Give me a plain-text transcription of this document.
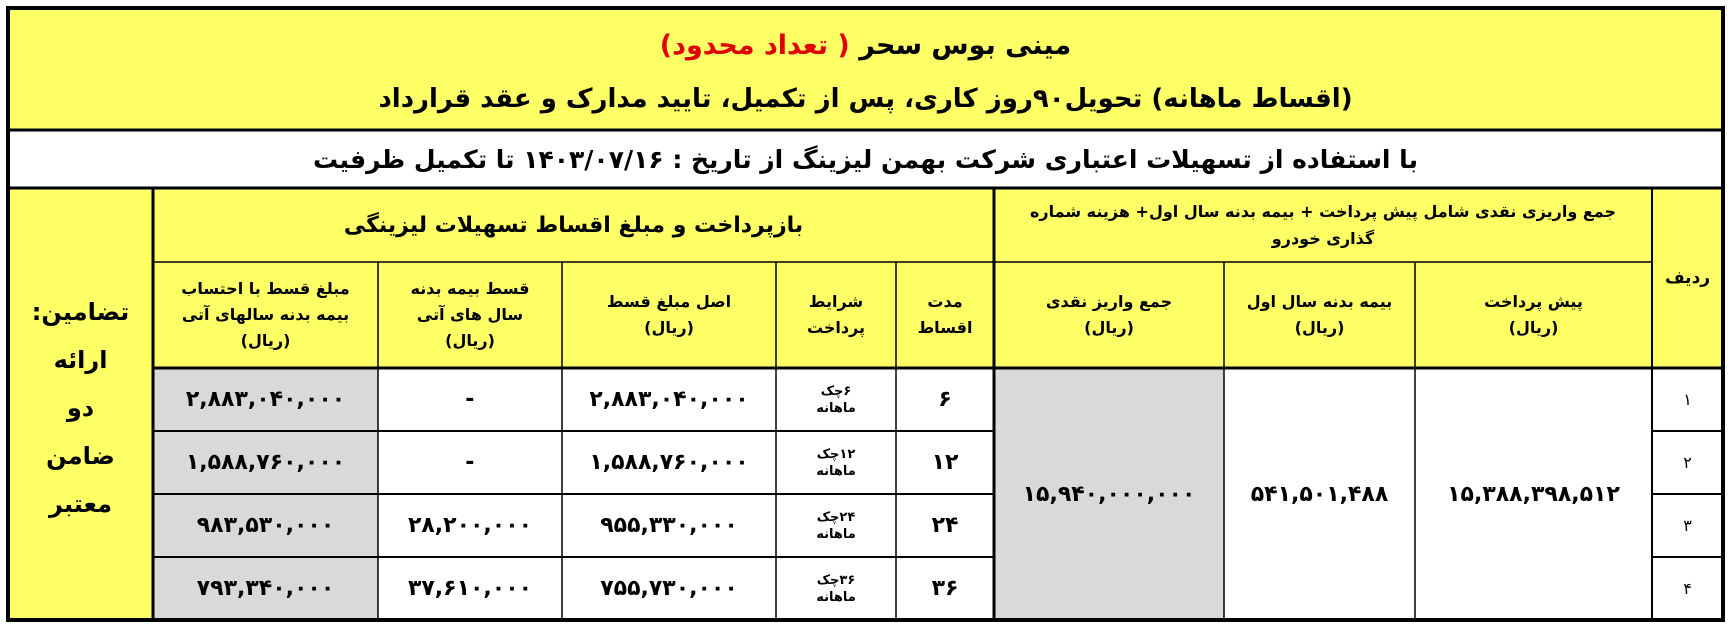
مینی بوس سحر

( تعداد محدود)
(اقساط ماهانه) تحویل۹۰روز کاری، پس از تکمیل، تایید مدارک و عقد قرارداد
با استفاده از تسهیلات اعتباری شرکت بهمن لیزینگ از تاریخ : ۱۴۰۳/۰۷/۱۶ تا تکمیل ظرفیت
ردیف
جمع واریزی نقدی شامل پیش پرداخت + بیمه بدنه سال اول+ هزینه شماره گذاری خودرو
بازپرداخت و مبلغ اقساط تسهیلات لیزینگی
پیش پرداخت
(ریال)
بیمه بدنه سال اول
(ریال)
جمع واریز نقدی
(ریال)
مدت
اقساط
شرایط
پرداخت
اصل مبلغ قسط
(ریال)
قسط بیمه بدنه
سال های آتی
(ریال)
مبلغ قسط با احتساب
بیمه بدنه سالهای آتی
(ریال)
تضامین:
ارائه
دو
ضامن
معتبر	۱۵,۳۸۸,۳۹۸,۵۱۲
۵۴۱,۵۰۱,۴۸۸
۱۵,۹۴۰,۰۰۰,۰۰۰
۱
۶
۶چک
ماهانه
۲,۸۸۳,۰۴۰,۰۰۰
-
۲,۸۸۳,۰۴۰,۰۰۰
۲
۱۲
۱۲چک
ماهانه
۱,۵۸۸,۷۶۰,۰۰۰
-
۱,۵۸۸,۷۶۰,۰۰۰
۳
۲۴
۲۴چک
ماهانه
۹۵۵,۳۳۰,۰۰۰
۲۸,۲۰۰,۰۰۰
۹۸۳,۵۳۰,۰۰۰
۴
۳۶
۳۶چک
ماهانه
۷۵۵,۷۳۰,۰۰۰
۳۷,۶۱۰,۰۰۰
۷۹۳,۳۴۰,۰۰۰
